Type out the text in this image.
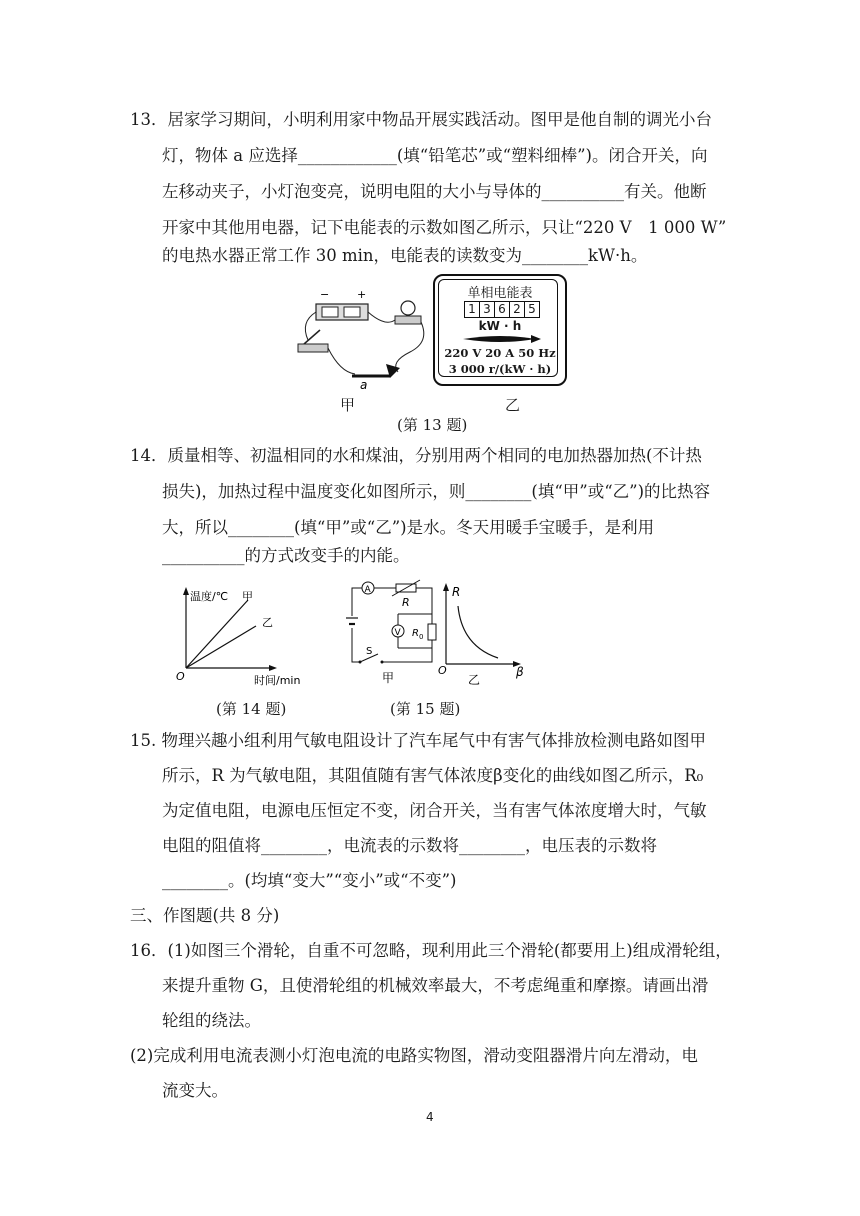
13．居家学习期间，小明利用家中物品开展实践活动。图甲是他自制的调光小台
灯，物体 a 应选择____________(填“铅笔芯”或“塑料细棒”)。闭合开关，向
左移动夹子，小灯泡变亮，说明电阻的大小与导体的__________有关。他断
开家中其他用电器，记下电能表的示数如图乙所示，只让“220 V　1 000 W”
的电热水器正常工作 30 min，电能表的读数变为________kW·h。
−	+
a
单相电能表
1 3 6 2 5
kW · h
220 V 20 A 50 Hz
3 000 r/(kW · h)
甲	乙
(第 13 题)
14．质量相等、初温相同的水和煤油，分别用两个相同的电加热器加热(不计热
损失)，加热过程中温度变化如图所示，则________(填“甲”或“乙”)的比热容
大，所以________(填“甲”或“乙”)是水。冬天用暖手宝暖手，是利用
__________的方式改变手的内能。
温度/℃ 甲
乙
O	时间/min
(第 14 题)
A
R
V R 0
S
甲
R
O	β
乙
(第 15 题)
15. 物理兴趣小组利用气敏电阻设计了汽车尾气中有害气体排放检测电路如图甲
所示，R 为气敏电阻，其阻值随有害气体浓度β变化的曲线如图乙所示，R₀
为定值电阻，电源电压恒定不变，闭合开关，当有害气体浓度增大时，气敏
电阻的阻值将________，电流表的示数将________，电压表的示数将
________。(均填“变大”“变小”或“不变”)
三、作图题(共 8 分)
16．(1)如图三个滑轮，自重不可忽略，现利用此三个滑轮(都要用上)组成滑轮组，
来提升重物 G，且使滑轮组的机械效率最大，不考虑绳重和摩擦。请画出滑
轮组的绕法。
(2)完成利用电流表测小灯泡电流的电路实物图，滑动变阻器滑片向左滑动，电
流变大。
4
